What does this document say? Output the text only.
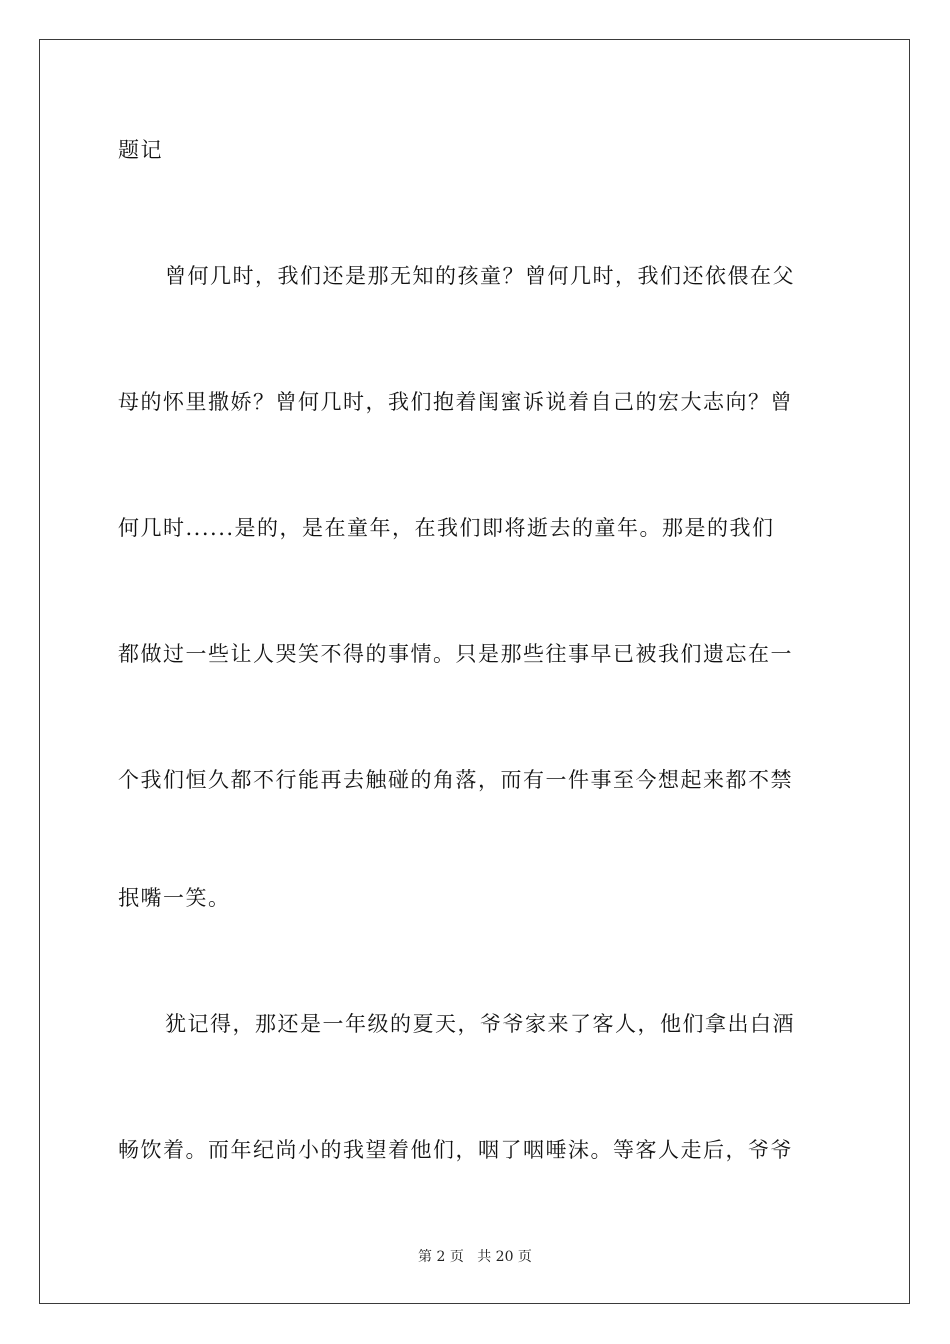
题记
曾何几时，我们还是那无知的孩童？曾何几时，我们还依偎在父
母的怀里撒娇？曾何几时，我们抱着闺蜜诉说着自己的宏大志向？曾
何几时......是的，是在童年，在我们即将逝去的童年。那是的我们
都做过一些让人哭笑不得的事情。只是那些往事早已被我们遗忘在一
个我们恒久都不行能再去触碰的角落，而有一件事至今想起来都不禁
抿嘴一笑。
犹记得，那还是一年级的夏天，爷爷家来了客人，他们拿出白酒
畅饮着。而年纪尚小的我望着他们，咽了咽唾沫。等客人走后，爷爷
第 2 页 共 20 页
